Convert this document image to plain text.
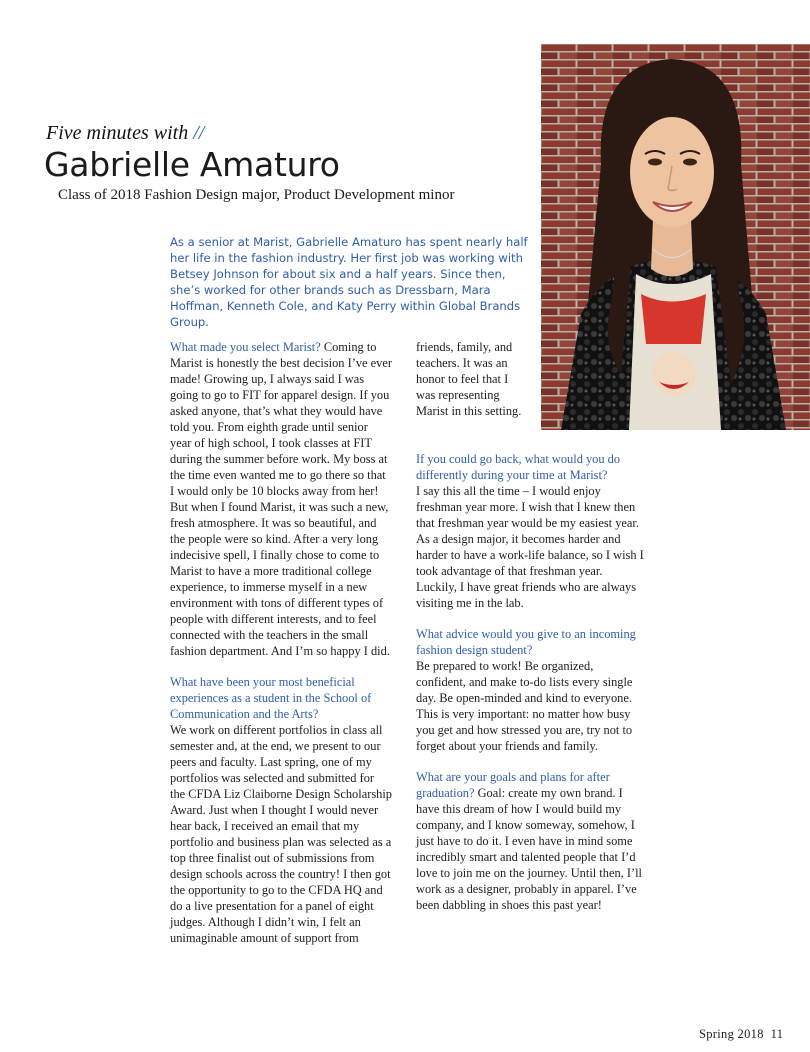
Five minutes with //
Gabrielle Amaturo
Class of 2018 Fashion Design major, Product Development minor
As a senior at Marist, Gabrielle Amaturo has spent nearly half her life in the fashion industry. Her first job was working with Betsey Johnson for about six and a half years. Since then, she’s worked for other brands such as Dressbarn, Mara Hoffman, Kenneth Cole, and Katy Perry within Global Brands Group.
What made you select Marist? Coming to Marist is honestly the best decision I’ve ever made! Growing up, I always said I was going to go to FIT for apparel design. If you asked anyone, that’s what they would have told you. From eighth grade until senior year of high school, I took classes at FIT during the summer before work. My boss at the time even wanted me to go there so that I would only be 10 blocks away from her! But when I found Marist, it was such a new, fresh atmosphere. It was so beautiful, and the people were so kind. After a very long indecisive spell, I finally chose to come to Marist to have a more traditional college experience, to immerse myself in a new environment with tons of different types of people with different interests, and to feel connected with the teachers in the small fashion department. And I’m so happy I did.
What have been your most beneficial experiences as a student in the School of Communication and the Arts?
We work on different portfolios in class all semester and, at the end, we present to our peers and faculty. Last spring, one of my portfolios was selected and submitted for the CFDA Liz Claiborne Design Scholarship Award. Just when I thought I would never hear back, I received an email that my portfolio and business plan was selected as a top three finalist out of submissions from design schools across the country! I then got the opportunity to go to the CFDA HQ and do a live presentation for a panel of eight judges. Although I didn’t win, I felt an unimaginable amount of support from
friends, family, and teachers. It was an honor to feel that I was representing Marist in this setting.
If you could go back, what would you do differently during your time at Marist?
I say this all the time – I would enjoy freshman year more. I wish that I knew then that freshman year would be my easiest year. As a design major, it becomes harder and harder to have a work-life balance, so I wish I took advantage of that freshman year. Luckily, I have great friends who are always visiting me in the lab.
What advice would you give to an incoming fashion design student?
Be prepared to work! Be organized, confident, and make to-do lists every single day. Be open-minded and kind to everyone. This is very important: no matter how busy you get and how stressed you are, try not to forget about your friends and family.
What are your goals and plans for after graduation? Goal: create my own brand. I have this dream of how I would build my company, and I know someway, somehow, I just have to do it. I even have in mind some incredibly smart and talented people that I’d love to join me on the journey. Until then, I’ll work as a designer, probably in apparel. I’ve been dabbling in shoes this past year!
Spring 2018 11
